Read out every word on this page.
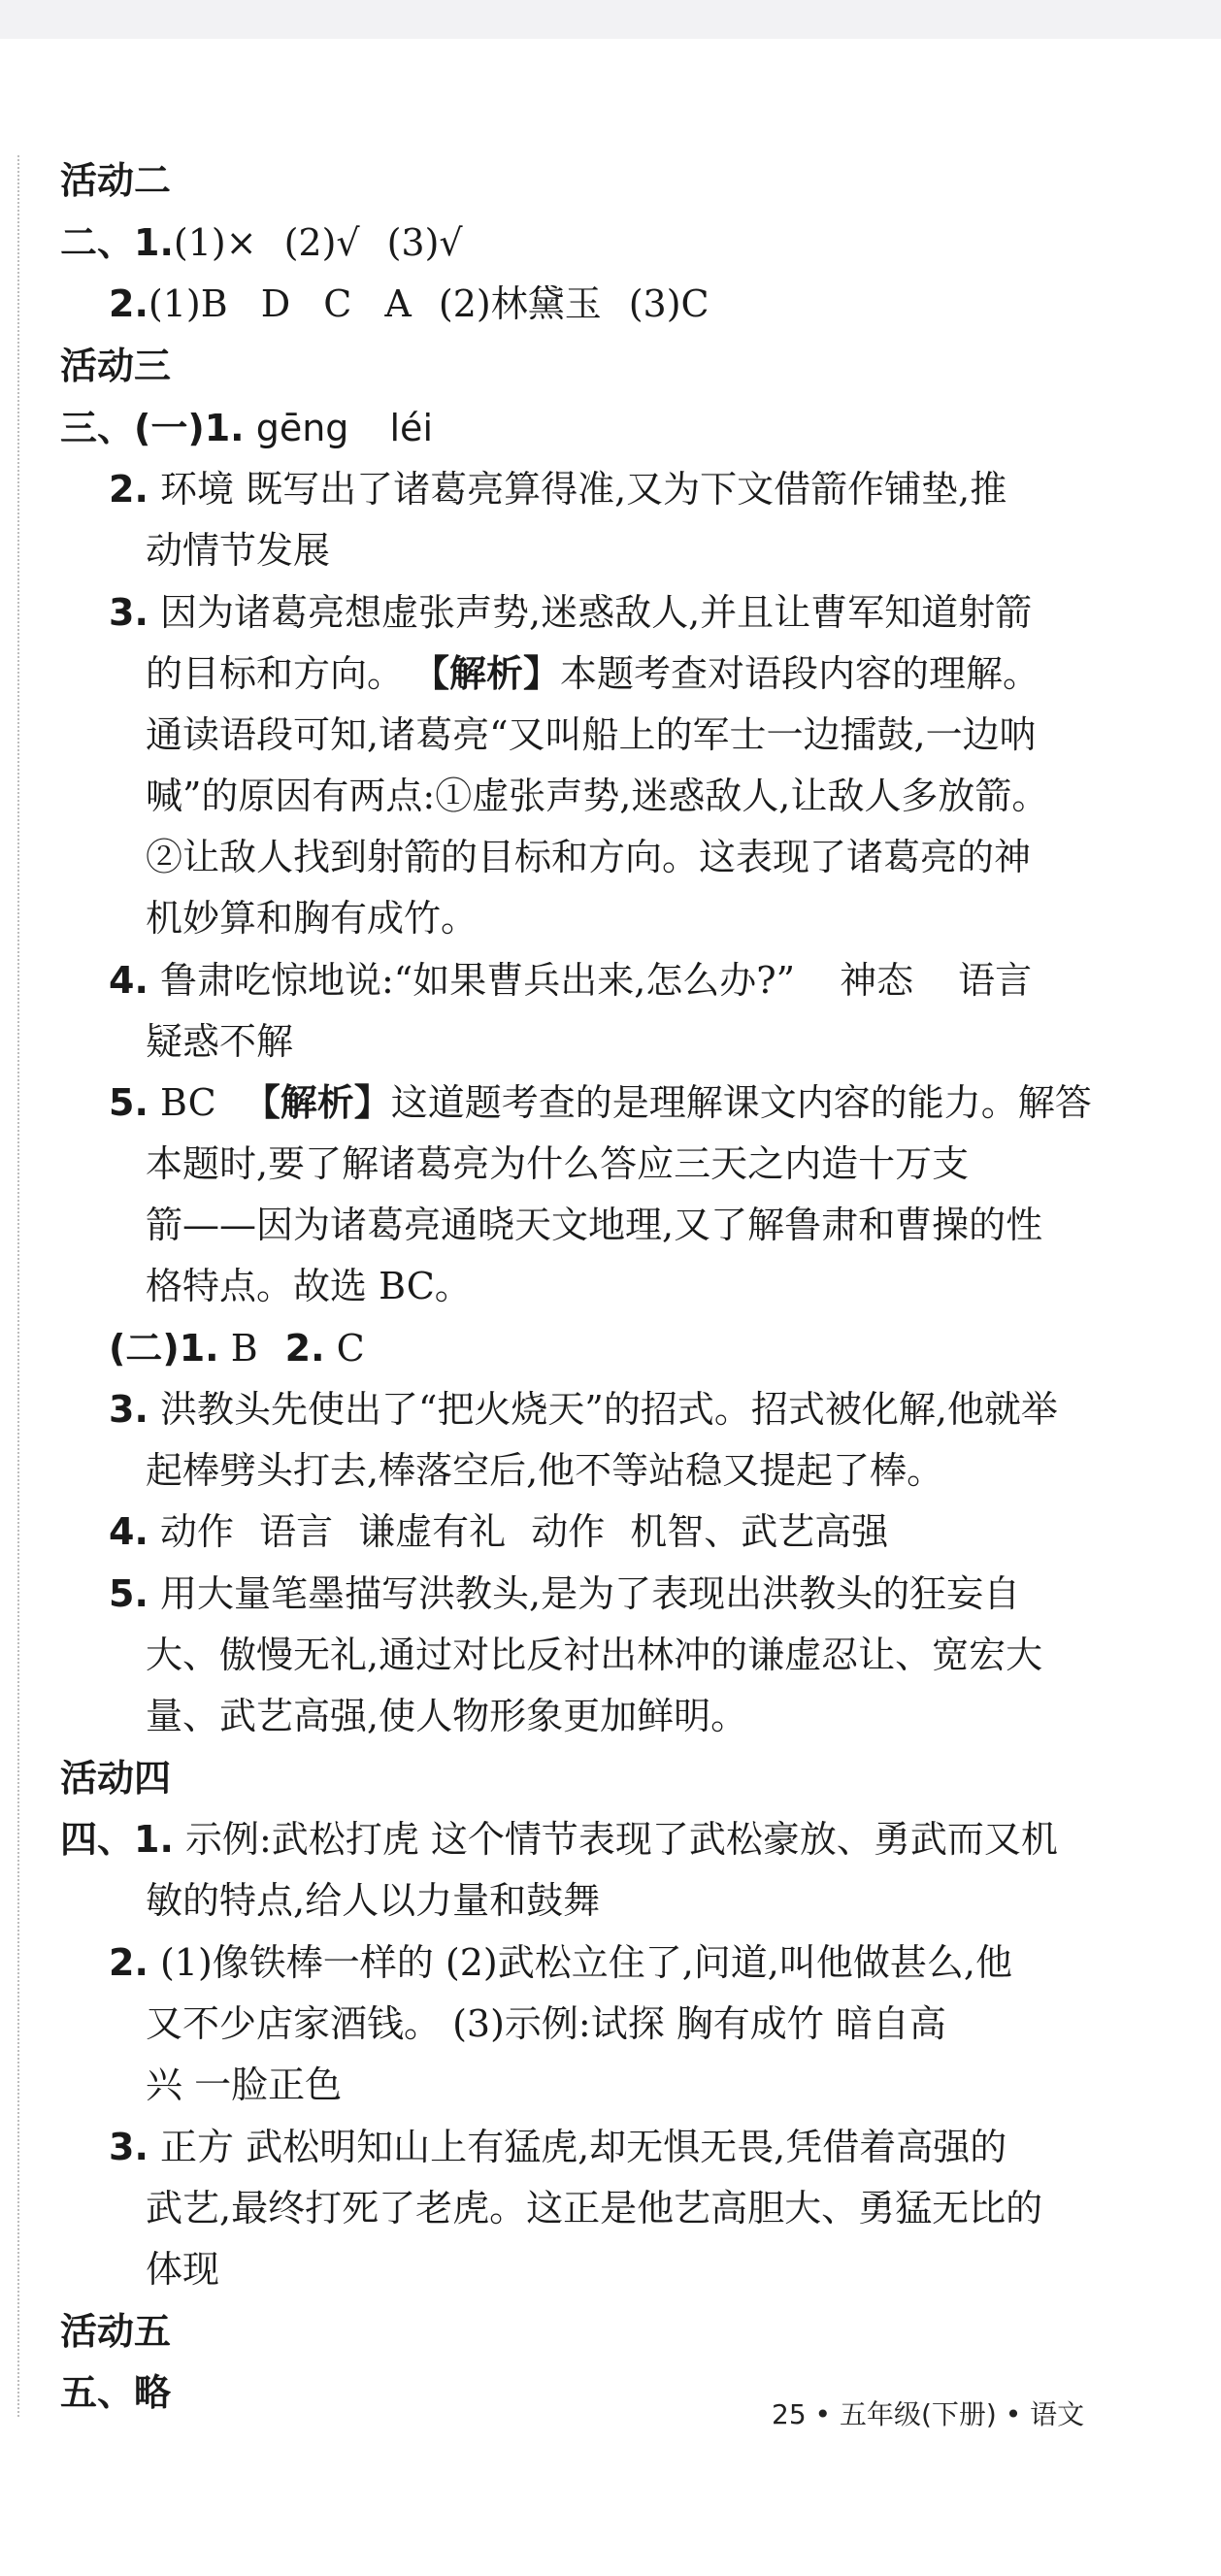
活动二
二、1.(1)× (2)√ (3)√
2.(1)B D C A (2)林黛玉 (3)C
活动三
三、(一)1. gēng léi
2. 环境 既写出了诸葛亮算得准,又为下文借箭作铺垫,推
动情节发展
3. 因为诸葛亮想虚张声势,迷惑敌人,并且让曹军知道射箭
的目标和方向。 【解析】本题考查对语段内容的理解。
通读语段可知,诸葛亮“又叫船上的军士一边擂鼓,一边呐
喊”的原因有两点:①虚张声势,迷惑敌人,让敌人多放箭。
②让敌人找到射箭的目标和方向。这表现了诸葛亮的神
机妙算和胸有成竹。
4. 鲁肃吃惊地说:“如果曹兵出来,怎么办?” 神态 语言
疑惑不解
5. BC 【解析】这道题考查的是理解课文内容的能力。解答
本题时,要了解诸葛亮为什么答应三天之内造十万支
箭——因为诸葛亮通晓天文地理,又了解鲁肃和曹操的性
格特点。故选 BC。
(二)1. B 2. C
3. 洪教头先使出了“把火烧天”的招式。招式被化解,他就举
起棒劈头打去,棒落空后,他不等站稳又提起了棒。
4. 动作 语言 谦虚有礼 动作 机智、武艺高强
5. 用大量笔墨描写洪教头,是为了表现出洪教头的狂妄自
大、傲慢无礼,通过对比反衬出林冲的谦虚忍让、宽宏大
量、武艺高强,使人物形象更加鲜明。
活动四
四、1. 示例:武松打虎 这个情节表现了武松豪放、勇武而又机
敏的特点,给人以力量和鼓舞
2. (1)像铁棒一样的 (2)武松立住了,问道,叫他做甚么,他
又不少店家酒钱。 (3)示例:试探 胸有成竹 暗自高
兴 一脸正色
3. 正方 武松明知山上有猛虎,却无惧无畏,凭借着高强的
武艺,最终打死了老虎。这正是他艺高胆大、勇猛无比的
体现
活动五
五、略
25 • 五年级(下册) • 语文
